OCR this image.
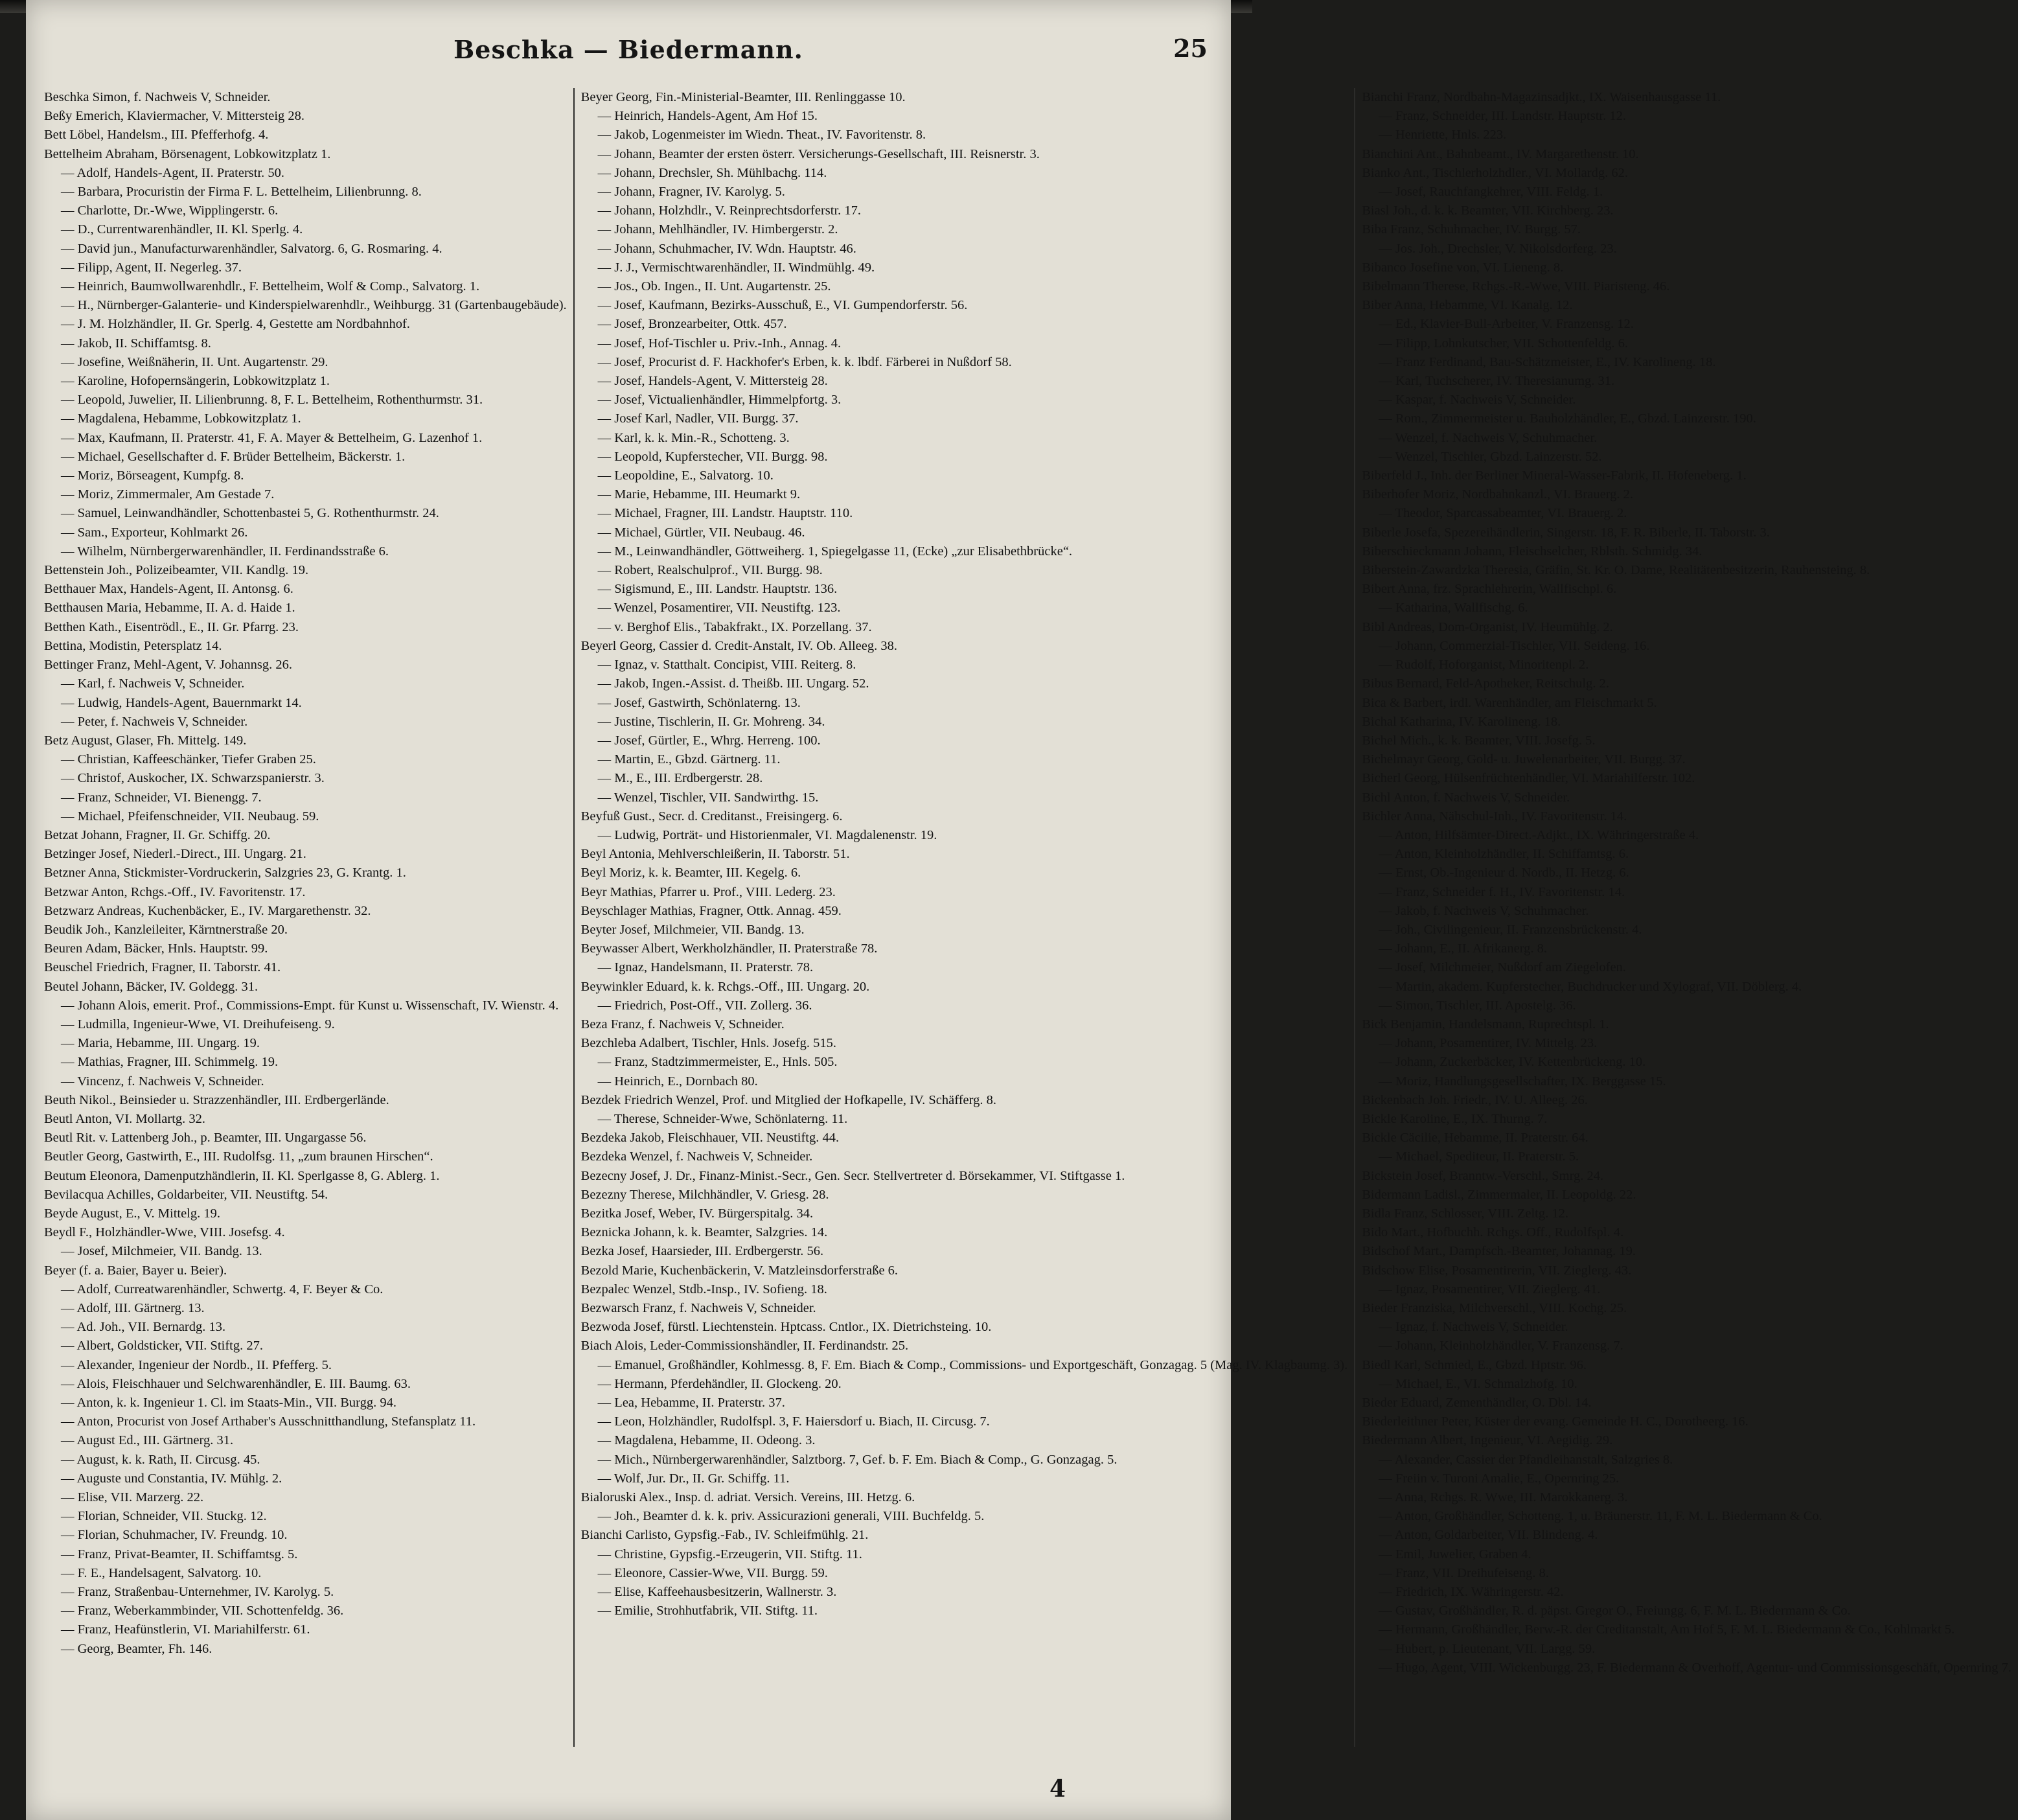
Beschka — Biedermann.	25
Beschka Simon, f. Nachweis V, Schneider.
Beßy Emerich, Klaviermacher, V. Mittersteig 28.
Bett Löbel, Handelsm., III. Pfefferhofg. 4.
Bettelheim Abraham, Börsenagent, Lobkowitzplatz 1.
— Adolf, Handels-Agent, II. Praterstr. 50.
— Barbara, Procuristin der Firma F. L. Bettelheim, Lilienbrunng. 8.
— Charlotte, Dr.-Wwe, Wipplingerstr. 6.
— D., Currentwarenhändler, II. Kl. Sperlg. 4.
— David jun., Manufacturwarenhändler, Salvatorg. 6, G. Rosmaring. 4.
— Filipp, Agent, II. Negerleg. 37.
— Heinrich, Baumwollwarenhdlr., F. Bettelheim, Wolf & Comp., Salvatorg. 1.
— H., Nürnberger-Galanterie- und Kinderspielwarenhdlr., Weihburgg. 31 (Gartenbaugebäude).
— J. M. Holzhändler, II. Gr. Sperlg. 4, Gestette am Nordbahnhof.
— Jakob, II. Schiffamtsg. 8.
— Josefine, Weißnäherin, II. Unt. Augartenstr. 29.
— Karoline, Hofopernsängerin, Lobkowitzplatz 1.
— Leopold, Juwelier, II. Lilienbrunng. 8, F. L. Bettelheim, Rothenthurmstr. 31.
— Magdalena, Hebamme, Lobkowitzplatz 1.
— Max, Kaufmann, II. Praterstr. 41, F. A. Mayer & Bettelheim, G. Lazenhof 1.
— Michael, Gesellschafter d. F. Brüder Bettelheim, Bäckerstr. 1.
— Moriz, Börseagent, Kumpfg. 8.
— Moriz, Zimmermaler, Am Gestade 7.
— Samuel, Leinwandhändler, Schottenbastei 5, G. Rothenthurmstr. 24.
— Sam., Exporteur, Kohlmarkt 26.
— Wilhelm, Nürnbergerwarenhändler, II. Ferdinandsstraße 6.
Bettenstein Joh., Polizeibeamter, VII. Kandlg. 19.
Betthauer Max, Handels-Agent, II. Antonsg. 6.
Betthausen Maria, Hebamme, II. A. d. Haide 1.
Betthen Kath., Eisentrödl., E., II. Gr. Pfarrg. 23.
Bettina, Modistin, Petersplatz 14.
Bettinger Franz, Mehl-Agent, V. Johannsg. 26.
— Karl, f. Nachweis V, Schneider.
— Ludwig, Handels-Agent, Bauernmarkt 14.
— Peter, f. Nachweis V, Schneider.
Betz August, Glaser, Fh. Mittelg. 149.
— Christian, Kaffeeschänker, Tiefer Graben 25.
— Christof, Auskocher, IX. Schwarzspanierstr. 3.
— Franz, Schneider, VI. Bienengg. 7.
— Michael, Pfeifenschneider, VII. Neubaug. 59.
Betzat Johann, Fragner, II. Gr. Schiffg. 20.
Betzinger Josef, Niederl.-Direct., III. Ungarg. 21.
Betzner Anna, Stickmister-Vordruckerin, Salzgries 23, G. Krantg. 1.
Betzwar Anton, Rchgs.-Off., IV. Favoritenstr. 17.
Betzwarz Andreas, Kuchenbäcker, E., IV. Margarethenstr. 32.
Beudik Joh., Kanzleileiter, Kärntnerstraße 20.
Beuren Adam, Bäcker, Hnls. Hauptstr. 99.
Beuschel Friedrich, Fragner, II. Taborstr. 41.
Beutel Johann, Bäcker, IV. Goldegg. 31.
— Johann Alois, emerit. Prof., Commissions-Empt. für Kunst u. Wissenschaft, IV. Wienstr. 4.
— Ludmilla, Ingenieur-Wwe, VI. Dreihufeiseng. 9.
— Maria, Hebamme, III. Ungarg. 19.
— Mathias, Fragner, III. Schimmelg. 19.
— Vincenz, f. Nachweis V, Schneider.
Beuth Nikol., Beinsieder u. Strazzenhändler, III. Erdbergerlände.
Beutl Anton, VI. Mollartg. 32.
Beutl Rit. v. Lattenberg Joh., p. Beamter, III. Ungargasse 56.
Beutler Georg, Gastwirth, E., III. Rudolfsg. 11, „zum braunen Hirschen“.
Beutum Eleonora, Damenputzhändlerin, II. Kl. Sperlgasse 8, G. Ablerg. 1.
Bevilacqua Achilles, Goldarbeiter, VII. Neustiftg. 54.
Beyde August, E., V. Mittelg. 19.
Beydl F., Holzhändler-Wwe, VIII. Josefsg. 4.
— Josef, Milchmeier, VII. Bandg. 13.
Beyer (f. a. Baier, Bayer u. Beier).
— Adolf, Curreatwarenhändler, Schwertg. 4, F. Beyer & Co.
— Adolf, III. Gärtnerg. 13.
— Ad. Joh., VII. Bernardg. 13.
— Albert, Goldsticker, VII. Stiftg. 27.
— Alexander, Ingenieur der Nordb., II. Pfefferg. 5.
— Alois, Fleischhauer und Selchwarenhändler, E. III. Baumg. 63.
— Anton, k. k. Ingenieur 1. Cl. im Staats-Min., VII. Burgg. 94.
— Anton, Procurist von Josef Arthaber's Ausschnitthandlung, Stefansplatz 11.
— August Ed., III. Gärtnerg. 31.
— August, k. k. Rath, II. Circusg. 45.
— Auguste und Constantia, IV. Mühlg. 2.
— Elise, VII. Marzerg. 22.
— Florian, Schneider, VII. Stuckg. 12.
— Florian, Schuhmacher, IV. Freundg. 10.
— Franz, Privat-Beamter, II. Schiffamtsg. 5.
— F. E., Handelsagent, Salvatorg. 10.
— Franz, Straßenbau-Unternehmer, IV. Karolyg. 5.
— Franz, Weberkammbinder, VII. Schottenfeldg. 36.
— Franz, Heafünstlerin, VI. Mariahilferstr. 61.
— Georg, Beamter, Fh. 146.
Beyer Georg, Fin.-Ministerial-Beamter, III. Renlinggasse 10.
— Heinrich, Handels-Agent, Am Hof 15.
— Jakob, Logenmeister im Wiedn. Theat., IV. Favoritenstr. 8.
— Johann, Beamter der ersten österr. Versicherungs-Gesellschaft, III. Reisnerstr. 3.
— Johann, Drechsler, Sh. Mühlbachg. 114.
— Johann, Fragner, IV. Karolyg. 5.
— Johann, Holzhdlr., V. Reinprechtsdorferstr. 17.
— Johann, Mehlhändler, IV. Himbergerstr. 2.
— Johann, Schuhmacher, IV. Wdn. Hauptstr. 46.
— J. J., Vermischtwarenhändler, II. Windmühlg. 49.
— Jos., Ob. Ingen., II. Unt. Augartenstr. 25.
— Josef, Kaufmann, Bezirks-Ausschuß, E., VI. Gumpendorferstr. 56.
— Josef, Bronzearbeiter, Ottk. 457.
— Josef, Hof-Tischler u. Priv.-Inh., Annag. 4.
— Josef, Procurist d. F. Hackhofer's Erben, k. k. lbdf. Färberei in Nußdorf 58.
— Josef, Handels-Agent, V. Mittersteig 28.
— Josef, Victualienhändler, Himmelpfortg. 3.
— Josef Karl, Nadler, VII. Burgg. 37.
— Karl, k. k. Min.-R., Schotteng. 3.
— Leopold, Kupferstecher, VII. Burgg. 98.
— Leopoldine, E., Salvatorg. 10.
— Marie, Hebamme, III. Heumarkt 9.
— Michael, Fragner, III. Landstr. Hauptstr. 110.
— Michael, Gürtler, VII. Neubaug. 46.
— M., Leinwandhändler, Göttweiherg. 1, Spiegelgasse 11, (Ecke) „zur Elisabethbrücke“.
— Robert, Realschulprof., VII. Burgg. 98.
— Sigismund, E., III. Landstr. Hauptstr. 136.
— Wenzel, Posamentirer, VII. Neustiftg. 123.
— v. Berghof Elis., Tabakfrakt., IX. Porzellang. 37.
Beyerl Georg, Cassier d. Credit-Anstalt, IV. Ob. Alleeg. 38.
— Ignaz, v. Statthalt. Concipist, VIII. Reiterg. 8.
— Jakob, Ingen.-Assist. d. Theißb. III. Ungarg. 52.
— Josef, Gastwirth, Schönlaterng. 13.
— Justine, Tischlerin, II. Gr. Mohreng. 34.
— Josef, Gürtler, E., Whrg. Herreng. 100.
— Martin, E., Gbzd. Gärtnerg. 11.
— M., E., III. Erdbergerstr. 28.
— Wenzel, Tischler, VII. Sandwirthg. 15.
Beyfuß Gust., Secr. d. Creditanst., Freisingerg. 6.
— Ludwig, Porträt- und Historienmaler, VI. Magdalenenstr. 19.
Beyl Antonia, Mehlverschleißerin, II. Taborstr. 51.
Beyl Moriz, k. k. Beamter, III. Kegelg. 6.
Beyr Mathias, Pfarrer u. Prof., VIII. Lederg. 23.
Beyschlager Mathias, Fragner, Ottk. Annag. 459.
Beyter Josef, Milchmeier, VII. Bandg. 13.
Beywasser Albert, Werkholzhändler, II. Praterstraße 78.
— Ignaz, Handelsmann, II. Praterstr. 78.
Beywinkler Eduard, k. k. Rchgs.-Off., III. Ungarg. 20.
— Friedrich, Post-Off., VII. Zollerg. 36.
Beza Franz, f. Nachweis V, Schneider.
Bezchleba Adalbert, Tischler, Hnls. Josefg. 515.
— Franz, Stadtzimmermeister, E., Hnls. 505.
— Heinrich, E., Dornbach 80.
Bezdek Friedrich Wenzel, Prof. und Mitglied der Hofkapelle, IV. Schäfferg. 8.
— Therese, Schneider-Wwe, Schönlaterng. 11.
Bezdeka Jakob, Fleischhauer, VII. Neustiftg. 44.
Bezdeka Wenzel, f. Nachweis V, Schneider.
Bezecny Josef, J. Dr., Finanz-Minist.-Secr., Gen. Secr. Stellvertreter d. Börsekammer, VI. Stiftgasse 1.
Bezezny Therese, Milchhändler, V. Griesg. 28.
Bezitka Josef, Weber, IV. Bürgerspitalg. 34.
Beznicka Johann, k. k. Beamter, Salzgries. 14.
Bezka Josef, Haarsieder, III. Erdbergerstr. 56.
Bezold Marie, Kuchenbäckerin, V. Matzleinsdorferstraße 6.
Bezpalec Wenzel, Stdb.-Insp., IV. Sofieng. 18.
Bezwarsch Franz, f. Nachweis V, Schneider.
Bezwoda Josef, fürstl. Liechtenstein. Hptcass. Cntlor., IX. Dietrichsteing. 10.
Biach Alois, Leder-Commissionshändler, II. Ferdinandstr. 25.
— Emanuel, Großhändler, Kohlmessg. 8, F. Em. Biach & Comp., Commissions- und Exportgeschäft, Gonzagag. 5 (Mag. IV. Klagbaumg. 3).
— Hermann, Pferdehändler, II. Glockeng. 20.
— Lea, Hebamme, II. Praterstr. 37.
— Leon, Holzhändler, Rudolfspl. 3, F. Haiersdorf u. Biach, II. Circusg. 7.
— Magdalena, Hebamme, II. Odeong. 3.
— Mich., Nürnbergerwarenhändler, Salztborg. 7, Gef. b. F. Em. Biach & Comp., G. Gonzagag. 5.
— Wolf, Jur. Dr., II. Gr. Schiffg. 11.
Bialoruski Alex., Insp. d. adriat. Versich. Vereins, III. Hetzg. 6.
— Joh., Beamter d. k. k. priv. Assicurazioni generali, VIII. Buchfeldg. 5.
Bianchi Carlisto, Gypsfig.-Fab., IV. Schleifmühlg. 21.
— Christine, Gypsfig.-Erzeugerin, VII. Stiftg. 11.
— Eleonore, Cassier-Wwe, VII. Burgg. 59.
— Elise, Kaffeehausbesitzerin, Wallnerstr. 3.
— Emilie, Strohhutfabrik, VII. Stiftg. 11.
Bianchi Franz, Nordbahn-Magazinsadjkt., IX. Waisenhausgasse 11.
— Franz, Schneider, III. Landstr. Hauptstr. 12.
— Henriette, Hnls. 223.
Bianchini Ant., Bahnbeamt., IV. Margarethenstr. 10.
Bianko Ant., Tischlerholzhdler., VI. Mollardg. 62.
— Josef, Rauchfangkehrer, VIII. Feldg. 1.
Biasl Joh., d. k. k. Beamter, VII. Kirchberg. 23.
Biba Franz, Schuhmacher, IV. Burgg. 57.
— Jos. Joh., Drechsler, V. Nikolsdorferg. 23.
Bibanco Josefine von, VI. Lieneng. 8.
Bibelmann Therese, Rchgs.-R.-Wwe, VIII. Piaristeng. 46.
Biber Anna, Hebamme, VI. Kanalg. 12.
— Ed., Klavier-Bull-Arbeiter, V. Franzensg. 12.
— Filipp, Lohnkutscher, VII. Schottenfeldg. 6.
— Franz Ferdinand, Bau-Schätzmeister, E., IV. Karolineng. 18.
— Karl, Tuchscherer, IV. Theresianumg. 31.
— Kaspar, f. Nachweis V, Schneider.
— Rom., Zimmermeister u. Bauholzhändler, E., Gbzd. Lainzerstr. 190.
— Wenzel, f. Nachweis V, Schuhmacher.
— Wenzel, Tischler, Gbzd. Lainzerstr. 52.
Biberfeld J., Inh. der Berliner Mineral-Wasser-Fabrik, II. Hofeneberg. 1.
Biberhofer Moriz, Nordbahnkanzl., VI. Brauerg. 2.
— Theodor, Sparcassabeamter, VI. Brauerg. 2.
Biberle Josefa, Spezereihändlerin, Singerstr. 18, F. R. Biberle, II. Taborstr. 3.
Biberschieckmann Johann, Fleischselcher, Rblsth. Schmidg. 34.
Biberstein-Zawardzka Theresia, Gräfin, St. Kr. O. Dame, Realitätenbesitzerin, Rauhensteing. 8.
Bibert Anna, frz. Sprachlehrerin, Wallfischpl. 6.
— Katharina, Wallfischg. 6.
Bibl Andreas, Dom-Organist, IV. Heumühlg. 2.
— Johann, Commerzial-Tischler, VII. Seideng. 16.
— Rudolf, Hoforganist, Minoritenpl. 2.
Bibus Bernard, Feld-Apotheker, Reitschulg. 2.
Bica & Barbert, irdl. Warenhändler, am Fleischmarkt 5.
Bichal Katharina, IV. Karolineng. 18.
Bichel Mich., k. k. Beamter, VIII. Josefg. 5.
Bichelmayr Georg, Gold- u. Juwelenarbeiter, VII. Burgg. 37.
Bicherl Georg, Hülsenfrüchtenhändler, VI. Mariahilferstr. 102.
Bichl Anton, f. Nachweis V, Schneider.
Bichler Anna, Nähschul-Inh., IV. Favoritenstr. 14.
— Anton, Hilfsämter-Direct.-Adjkt., IX. Währingerstraße 4.
— Anton, Kleinholzhändler, II. Schiffamtsg. 6.
— Ernst, Ob.-Ingenieur d. Nordb., II. Hetzg. 6.
— Franz, Schneider f. H., IV. Favoritenstr. 14.
— Jakob, f. Nachweis V, Schuhmacher.
— Joh., Civilingenieur, II. Franzensbrückenstr. 4.
— Johann, E., II. Afrikanerg. 8.
— Josef, Milchmeier, Nußdorf am Ziegelofen.
— Martin, akadem. Kupferstecher, Buchdrucker und Xylograf, VII. Döblerg. 4.
— Simon, Tischler, III. Apostelg. 36.
Bick Benjamin, Handelsmann, Ruprechtspl. 1.
— Johann, Posamentirer, IV. Mittelg. 23.
— Johann, Zuckerbäcker, IV. Kettenbrückeng. 10.
— Moriz, Handlungsgesellschafter, IX. Berggasse 15.
Bickenbach Joh. Friedr., IV. U. Alleeg. 26.
Bickle Karoline, E., IX. Thurng. 7.
Bickle Cäcilie, Hebamme, II. Praterstr. 64.
— Michael, Spediteur, II. Praterstr. 5.
Bickstein Josef, Branntw.-Verschl., Smrg. 24.
Bidermann Ladisl., Zimmermaler, II. Leopoldg. 22.
Bidla Franz, Schlosser, VIII. Zeltg. 12.
Bido Mart., Hofbuchh. Rchgs. Off., Rudolfspl. 4.
Bidschof Mart., Dampfsch.-Beamter, Johannag. 19.
Bidschow Elise, Posamentirerin, VII. Zieglerg. 43.
— Ignaz, Posamentirer, VII. Zieglerg. 41.
Bieder Franziska, Milchverschl., VIII. Kochg. 25.
— Ignaz, f. Nachweis V, Schneider.
— Johann, Kleinholzhändler, V. Franzensg. 7.
Biedl Karl, Schmied, E., Gbzd. Hptstr. 96.
— Michael, E., VI. Schmalzhofg. 10.
Bieder Eduard, Zementhändler, O. Dbl. 14.
Biederleithner Peter, Küster der evang. Gemeinde H. C., Dorotheerg. 16.
Biedermann Albert, Ingenieur, VI. Aegidig. 29.
— Alexander, Cassier der Pfandleihanstalt, Salzgries 8.
— Freiin v. Turoni Amalie, E., Opernring 25.
— Anna, Rchgs. R. Wwe, III. Marokkanerg. 3.
— Anton, Großhändler, Schotteng. 1, u. Bräunerstr. 11, F. M. L. Biedermann & Co.
— Anton, Goldarbeiter, VII. Blindeng. 4.
— Emil, Juwelier, Graben 4.
— Franz, VII. Dreihufeiseng. 8.
— Friedrich, IX. Währingerstr. 42.
— Gustav, Großhändler, R. d. päpst. Gregor O., Freiungg. 6, F. M. L. Biedermann & Co.
— Hermann, Großhändler, Berw.-R. der Creditanstalt, Am Hof 5, F. M. L. Biedermann & Co., Kohlmarkt 5.
— Hubert, p. Lieutenant, VII. Largg. 59.
— Hugo, Agent, VIII. Wickenburgg. 23, F. Biedermann & Overhoff, Agentur- und Commissionsgeschäft, Opernring 7.
4
